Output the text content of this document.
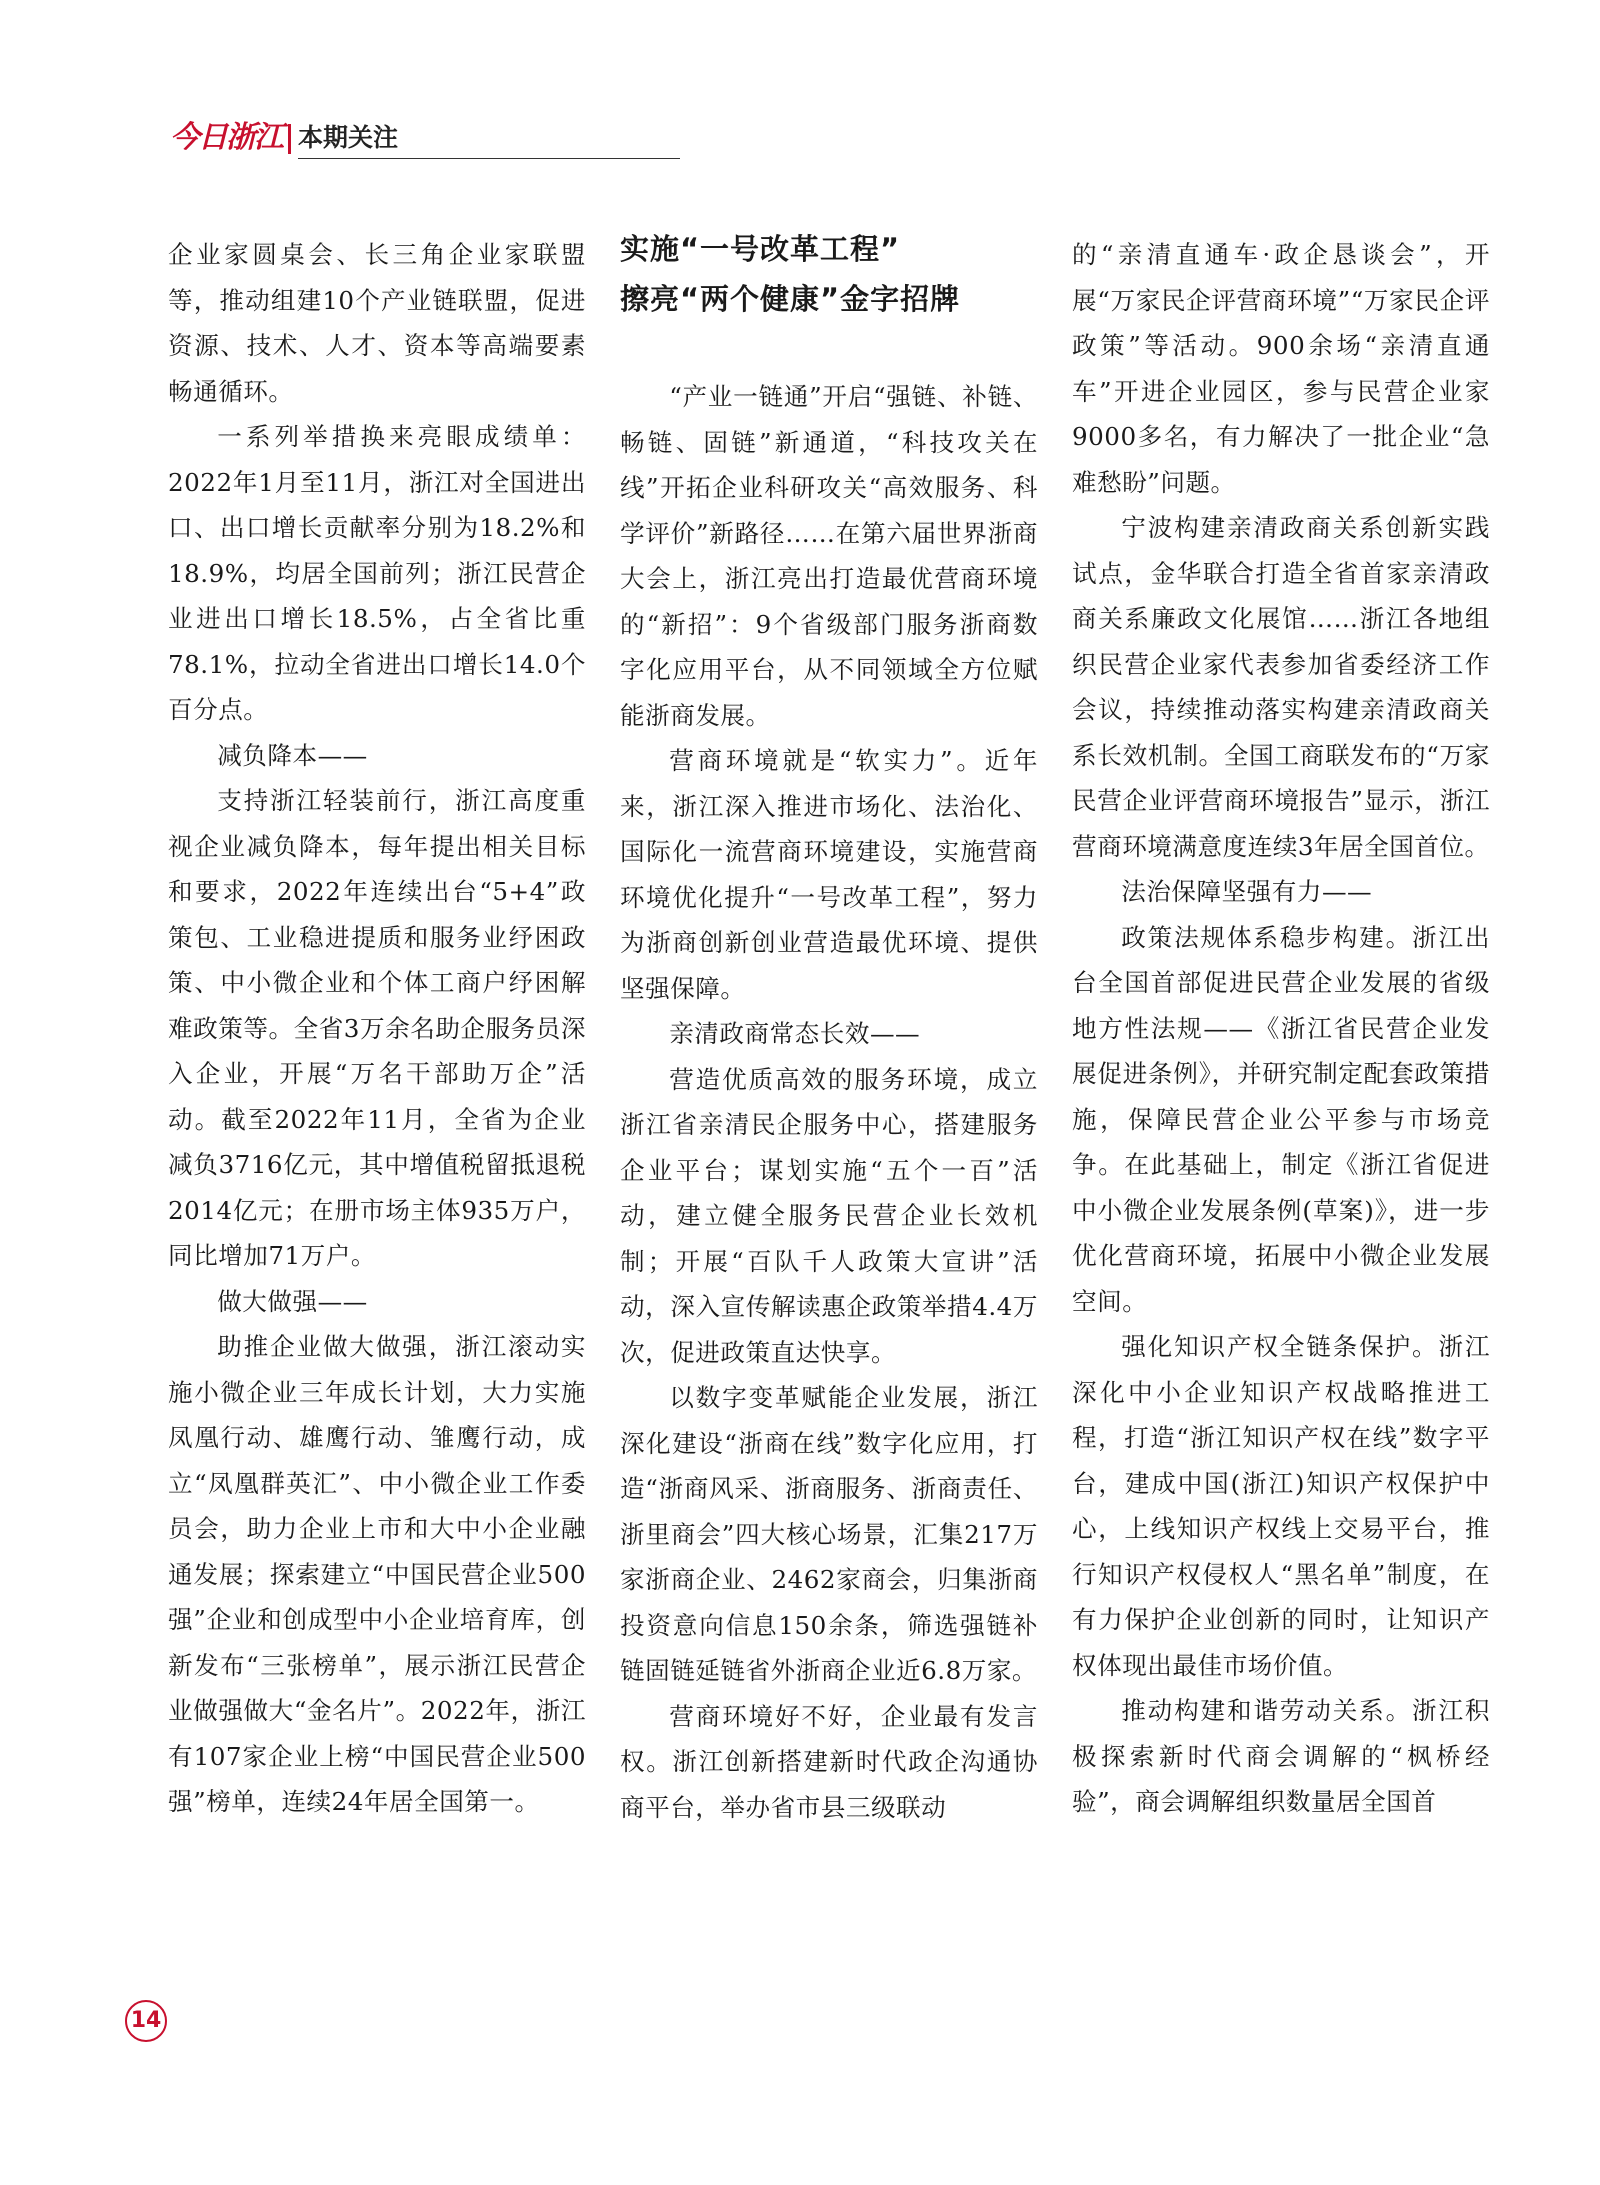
今日浙江 本期关注

企业家圆桌会、长三角企业家联盟等，推动组建10个产业链联盟，促进资源、技术、人才、资本等高端要素畅通循环。

一系列举措换来亮眼成绩单：2022年1月至11月，浙江对全国进出口、出口增长贡献率分别为18.2%和18.9%，均居全国前列；浙江民营企业进出口增长18.5%，占全省比重78.1%，拉动全省进出口增长14.0个百分点。

减负降本——

支持浙江轻装前行，浙江高度重视企业减负降本，每年提出相关目标和要求，2022年连续出台“5+4”政策包、工业稳进提质和服务业纾困政策、中小微企业和个体工商户纾困解难政策等。全省3万余名助企服务员深入企业，开展“万名干部助万企”活动。截至2022年11月，全省为企业减负3716亿元，其中增值税留抵退税2014亿元；在册市场主体935万户，同比增加71万户。

做大做强——

助推企业做大做强，浙江滚动实施小微企业三年成长计划，大力实施凤凰行动、雄鹰行动、雏鹰行动，成立“凤凰群英汇”、中小微企业工作委员会，助力企业上市和大中小企业融通发展；探索建立“中国民营企业500强”企业和创成型中小企业培育库，创新发布“三张榜单”，展示浙江民营企业做强做大“金名片”。2022年，浙江有107家企业上榜“中国民营企业500强”榜单，连续24年居全国第一。

实施“一号改革工程”
擦亮“两个健康”金字招牌

“产业一链通”开启“强链、补链、畅链、固链”新通道，“科技攻关在线”开拓企业科研攻关“高效服务、科学评价”新路径……在第六届世界浙商大会上，浙江亮出打造最优营商环境的“新招”：9个省级部门服务浙商数字化应用平台，从不同领域全方位赋能浙商发展。

营商环境就是“软实力”。近年来，浙江深入推进市场化、法治化、国际化一流营商环境建设，实施营商环境优化提升“一号改革工程”，努力为浙商创新创业营造最优环境、提供坚强保障。

亲清政商常态长效——

营造优质高效的服务环境，成立浙江省亲清民企服务中心，搭建服务企业平台；谋划实施“五个一百”活动，建立健全服务民营企业长效机制；开展“百队千人政策大宣讲”活动，深入宣传解读惠企政策举措4.4万次，促进政策直达快享。

以数字变革赋能企业发展，浙江深化建设“浙商在线”数字化应用，打造“浙商风采、浙商服务、浙商责任、浙里商会”四大核心场景，汇集217万家浙商企业、2462家商会，归集浙商投资意向信息150余条，筛选强链补链固链延链省外浙商企业近6.8万家。

营商环境好不好，企业最有发言权。浙江创新搭建新时代政企沟通协商平台，举办省市县三级联动

的“亲清直通车·政企恳谈会”，开展“万家民企评营商环境”“万家民企评政策”等活动。900余场“亲清直通车”开进企业园区，参与民营企业家9000多名，有力解决了一批企业“急难愁盼”问题。

宁波构建亲清政商关系创新实践试点，金华联合打造全省首家亲清政商关系廉政文化展馆……浙江各地组织民营企业家代表参加省委经济工作会议，持续推动落实构建亲清政商关系长效机制。全国工商联发布的“万家民营企业评营商环境报告”显示，浙江营商环境满意度连续3年居全国首位。

法治保障坚强有力——

政策法规体系稳步构建。浙江出台全国首部促进民营企业发展的省级地方性法规——《浙江省民营企业发展促进条例》，并研究制定配套政策措施，保障民营企业公平参与市场竞争。在此基础上，制定《浙江省促进中小微企业发展条例(草案)》，进一步优化营商环境，拓展中小微企业发展空间。

强化知识产权全链条保护。浙江深化中小企业知识产权战略推进工程，打造“浙江知识产权在线”数字平台，建成中国(浙江)知识产权保护中心，上线知识产权线上交易平台，推行知识产权侵权人“黑名单”制度，在有力保护企业创新的同时，让知识产权体现出最佳市场价值。

推动构建和谐劳动关系。浙江积极探索新时代商会调解的“枫桥经验”，商会调解组织数量居全国首

14
